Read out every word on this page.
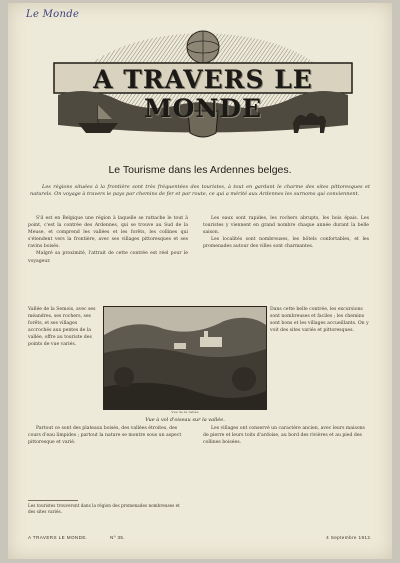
Le Monde
A TRAVERS LE MONDE
Le Tourisme dans les Ardennes belges.
Les régions situées à la frontière sont très fréquentées des touristes, à tout en gardant le charme des sites pittoresques et naturels. On voyage à travers le pays par chemins de fer et par route, ce qui a mérité aux Ardennes les surnoms qui conviennent.

S'il est en Belgique une région à laquelle se rattache le tout à point, c'est la contrée des Ardennes, qui se trouve au Sud de la Meuse, et comprend les vallées et les forêts, les collines qui s'étendent vers la frontière, avec ses villages pittoresques et ses ravins boisés.

Malgré sa proximité, l'attrait de cette contrée est réel pour le voyageur.

Les eaux sont rapides, les rochers abrupts, les bois épais. Les touristes y viennent en grand nombre chaque année durant la belle saison.

Les localités sont nombreuses, les hôtels confortables, et les promenades autour des villes sont charmantes.

Vallée de la Semois, avec ses méandres, ses rochers, ses forêts, et ses villages accrochés aux pentes de la vallée, offre au touriste des points de vue variés.
Vue de la vallée
Vue à vol d'oiseau sur la vallée.
Dans cette belle contrée, les excursions sont nombreuses et faciles ; les chemins sont bons et les villages accueillants. On y voit des sites variés et pittoresques.

Partout ce sont des plateaux boisés, des vallées étroites, des cours d'eau limpides ; partout la nature se montre sous un aspect pittoresque et varié.

Les villages ont conservé un caractère ancien, avec leurs maisons de pierre et leurs toits d'ardoise, au bord des rivières et au pied des collines boisées.

Les touristes trouveront dans la région des promenades nombreuses et des sites variés.
A TRAVERS LE MONDE.	Nº 35.	4 Septembre 1912.
